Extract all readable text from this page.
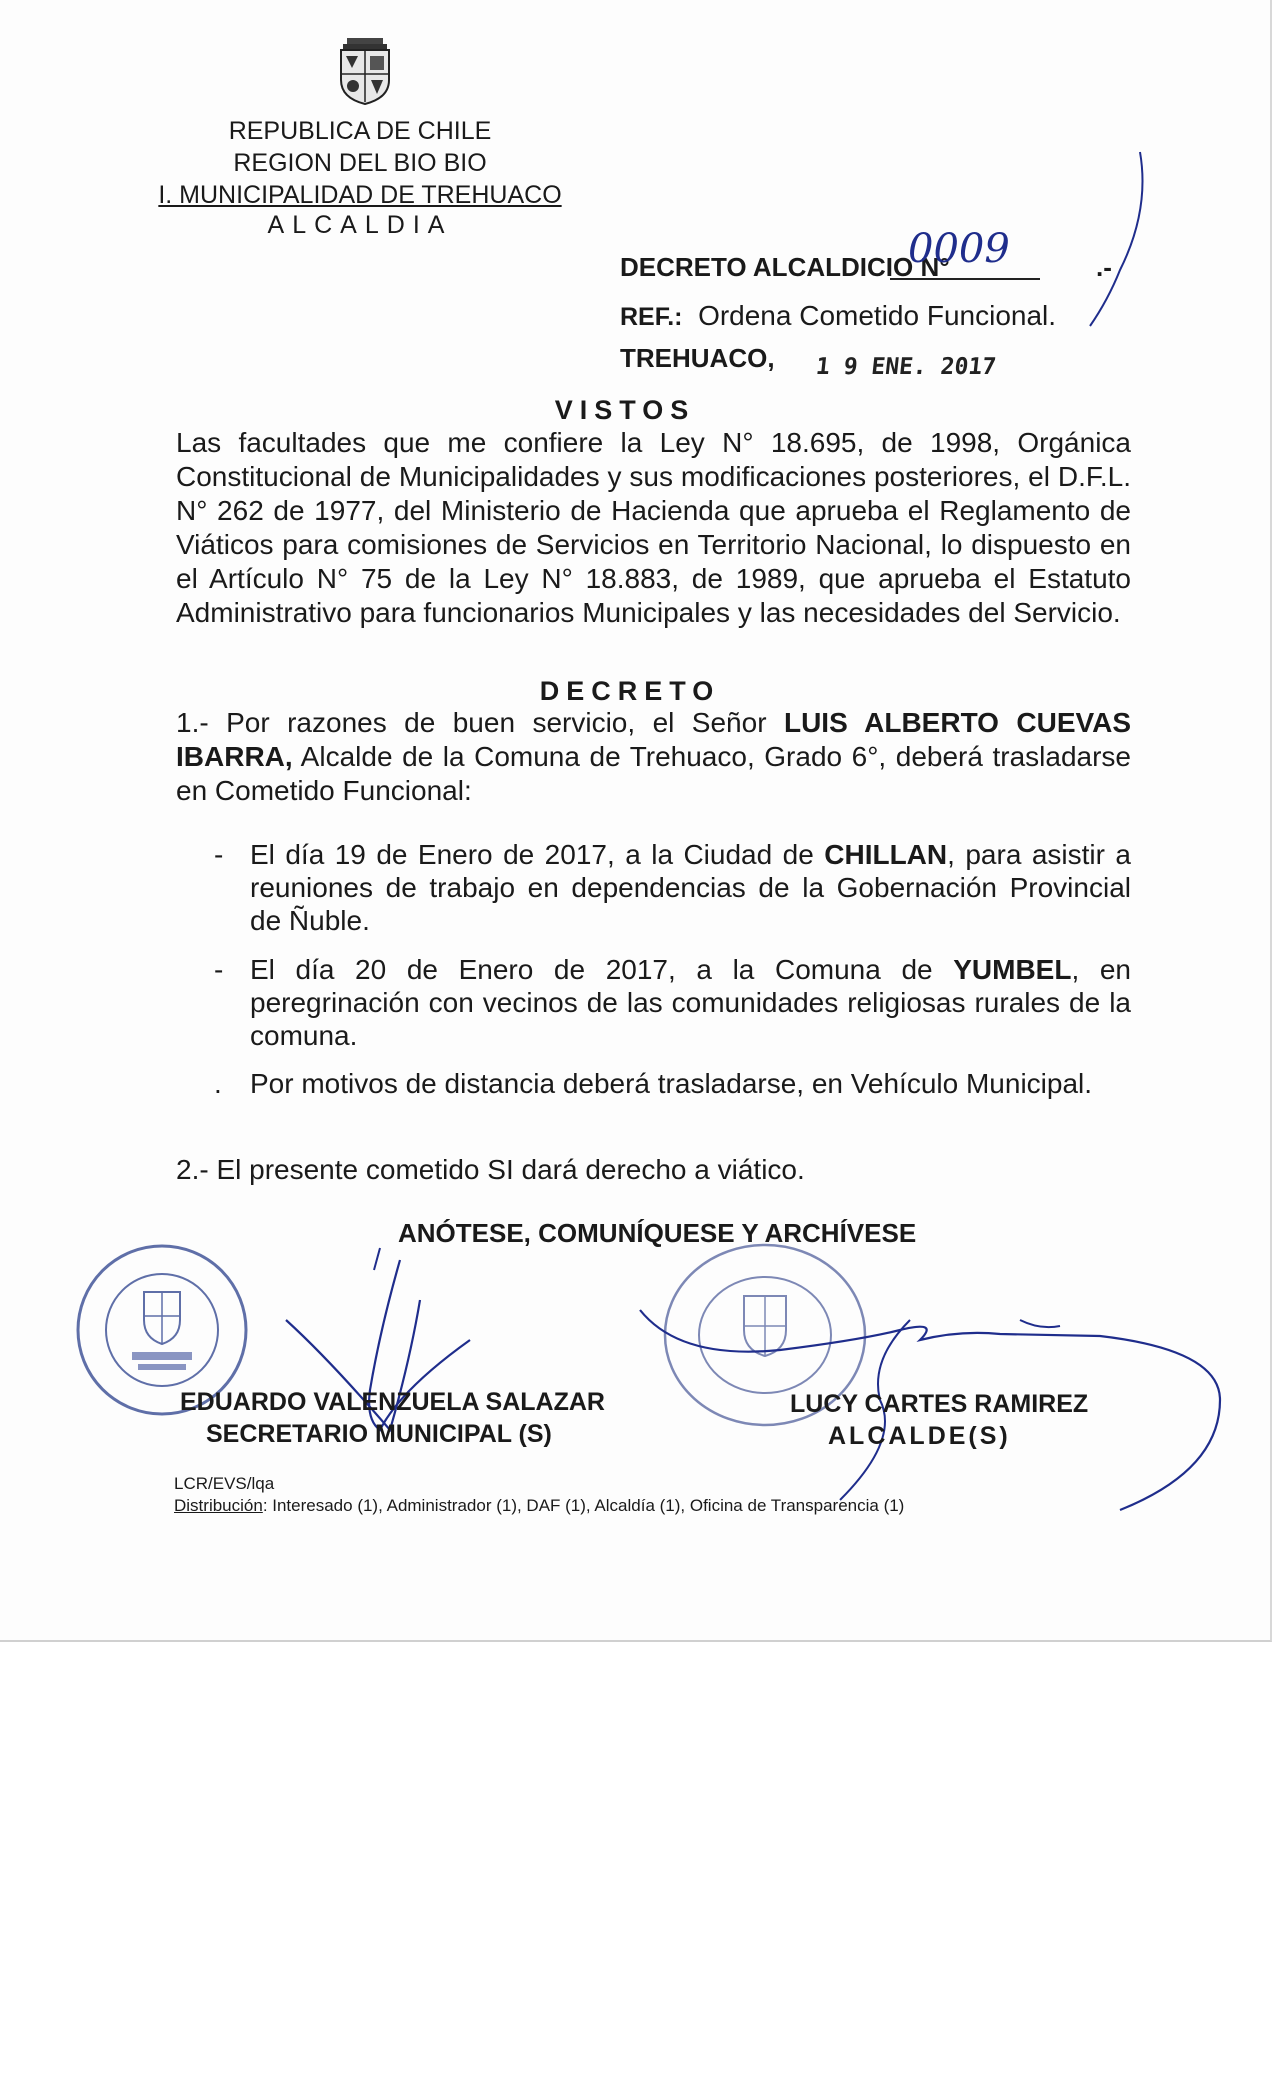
REPUBLICA DE CHILE
REGION DEL BIO BIO
I. MUNICIPALIDAD DE TREHUACO
ALCALDIA
DECRETO ALCALDICIO N°
0009	.-
REF.: Ordena Cometido Funcional.
TREHUACO, 1 9 ENE. 2017
VISTOS
Las facultades que me confiere la Ley N° 18.695, de 1998, Orgánica Constitucional de Municipalidades y sus modificaciones posteriores, el D.F.L. N° 262 de 1977, del Ministerio de Hacienda que aprueba el Reglamento de Viáticos para comisiones de Servicios en Territorio Nacional, lo dispuesto en el Artículo N° 75 de la Ley N° 18.883, de 1989, que aprueba el Estatuto Administrativo para funcionarios Municipales y las necesidades del Servicio.
DECRETO
1.- Por razones de buen servicio, el Señor LUIS ALBERTO CUEVAS IBARRA, Alcalde de la Comuna de Trehuaco, Grado 6°, deberá trasladarse en Cometido Funcional:
- El día 19 de Enero de 2017, a la Ciudad de CHILLAN, para asistir a reuniones de trabajo en dependencias de la Gobernación Provincial de Ñuble.
- El día 20 de Enero de 2017, a la Comuna de YUMBEL, en peregrinación con vecinos de las comunidades religiosas rurales de la comuna.
. Por motivos de distancia deberá trasladarse, en Vehículo Municipal.
2.- El presente cometido SI dará derecho a viático.
ANÓTESE, COMUNÍQUESE Y ARCHÍVESE
EDUARDO VALENZUELA SALAZAR
SECRETARIO MUNICIPAL (S)
LUCY CARTES RAMIREZ
ALCALDE(S)
LCR/EVS/lqa
Distribución: Interesado (1), Administrador (1), DAF (1), Alcaldía (1), Oficina de Transparencia (1)
